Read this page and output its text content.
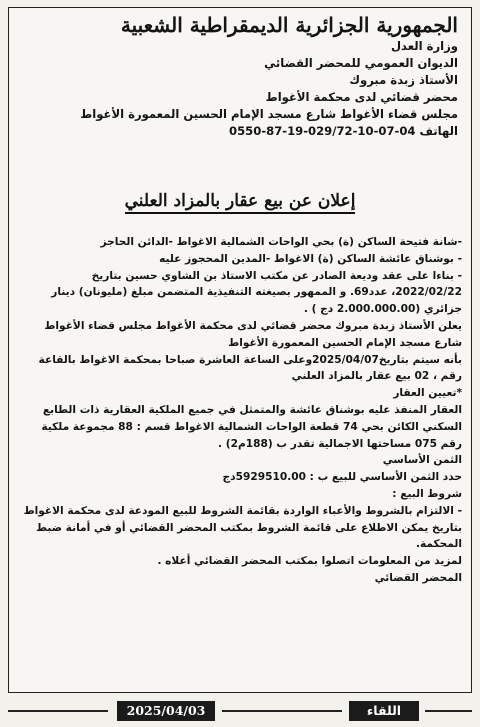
الجمهورية الجزائرية الديمقراطية الشعبية
وزارة العدل
الديوان العمومي للمحضر القضائي
الأستاذ زبدة مبروك
محضر قضائي لدى محكمة الأغواط
مجلس قضاء الأغواط شارع مسجد الإمام الحسين المعمورة الأغواط
الهاتف 04-07-10-029/72-19-87-0550
إعلان عن بيع عقار بالمزاد العلني
-شانة فتيحة الساكن (ة) بحي الواحات الشمالية الاغواط -الدائن الحاجز
- بوشناق عائشة الساكن (ة) الاغواط -المدين المحجوز عليه
- بناءا على عقد وديعة الصادر عن مكتب الاستاذ بن الشاوي حسين بتاريخ 2022/02/22، عدد69. و الممهور بصيغته التنفيذية المتضمن مبلغ (مليونان) دينار جزائري (2.000.000.00 دج ) .
يعلن الأستاذ زبدة مبروك محضر قضائي لدى محكمة الأغواط مجلس قضاء الأغواط شارع مسجد الإمام الحسين المعمورة الأغواط
بأنه سيتم بتاريخ2025/04/07وعلى الساعة العاشرة صباحا بمحكمة الاغواط بالقاعة رقم ، 02 بيع عقار بالمزاد العلني
*تعيين العقار
العقار المنفذ عليه بوشناق عائشة والمتمثل في جميع الملكية العقارية ذات الطابع السكني الكائن بحي 74 قطعة الواحات الشمالية الاغواط قسم : 88 مجموعة ملكية رقم 075 مساحتها الاجمالية تقدر ب (188م2) .
الثمن الأساسي
حدد الثمن الأساسي للبيع ب : 5929510.00دج
شروط البيع :
- الالتزام بالشروط والأعباء الواردة بقائمة الشروط للبيع المودعة لدى محكمة الاغواط بتاريخ يمكن الاطلاع على قائمة الشروط بمكتب المحضر القضائي أو في أمانة ضبط المحكمة.
لمزيد من المعلومات اتصلوا بمكتب المحضر القضائي أعلاه .
المحضر القضائي
2025/04/03	اللقاء
